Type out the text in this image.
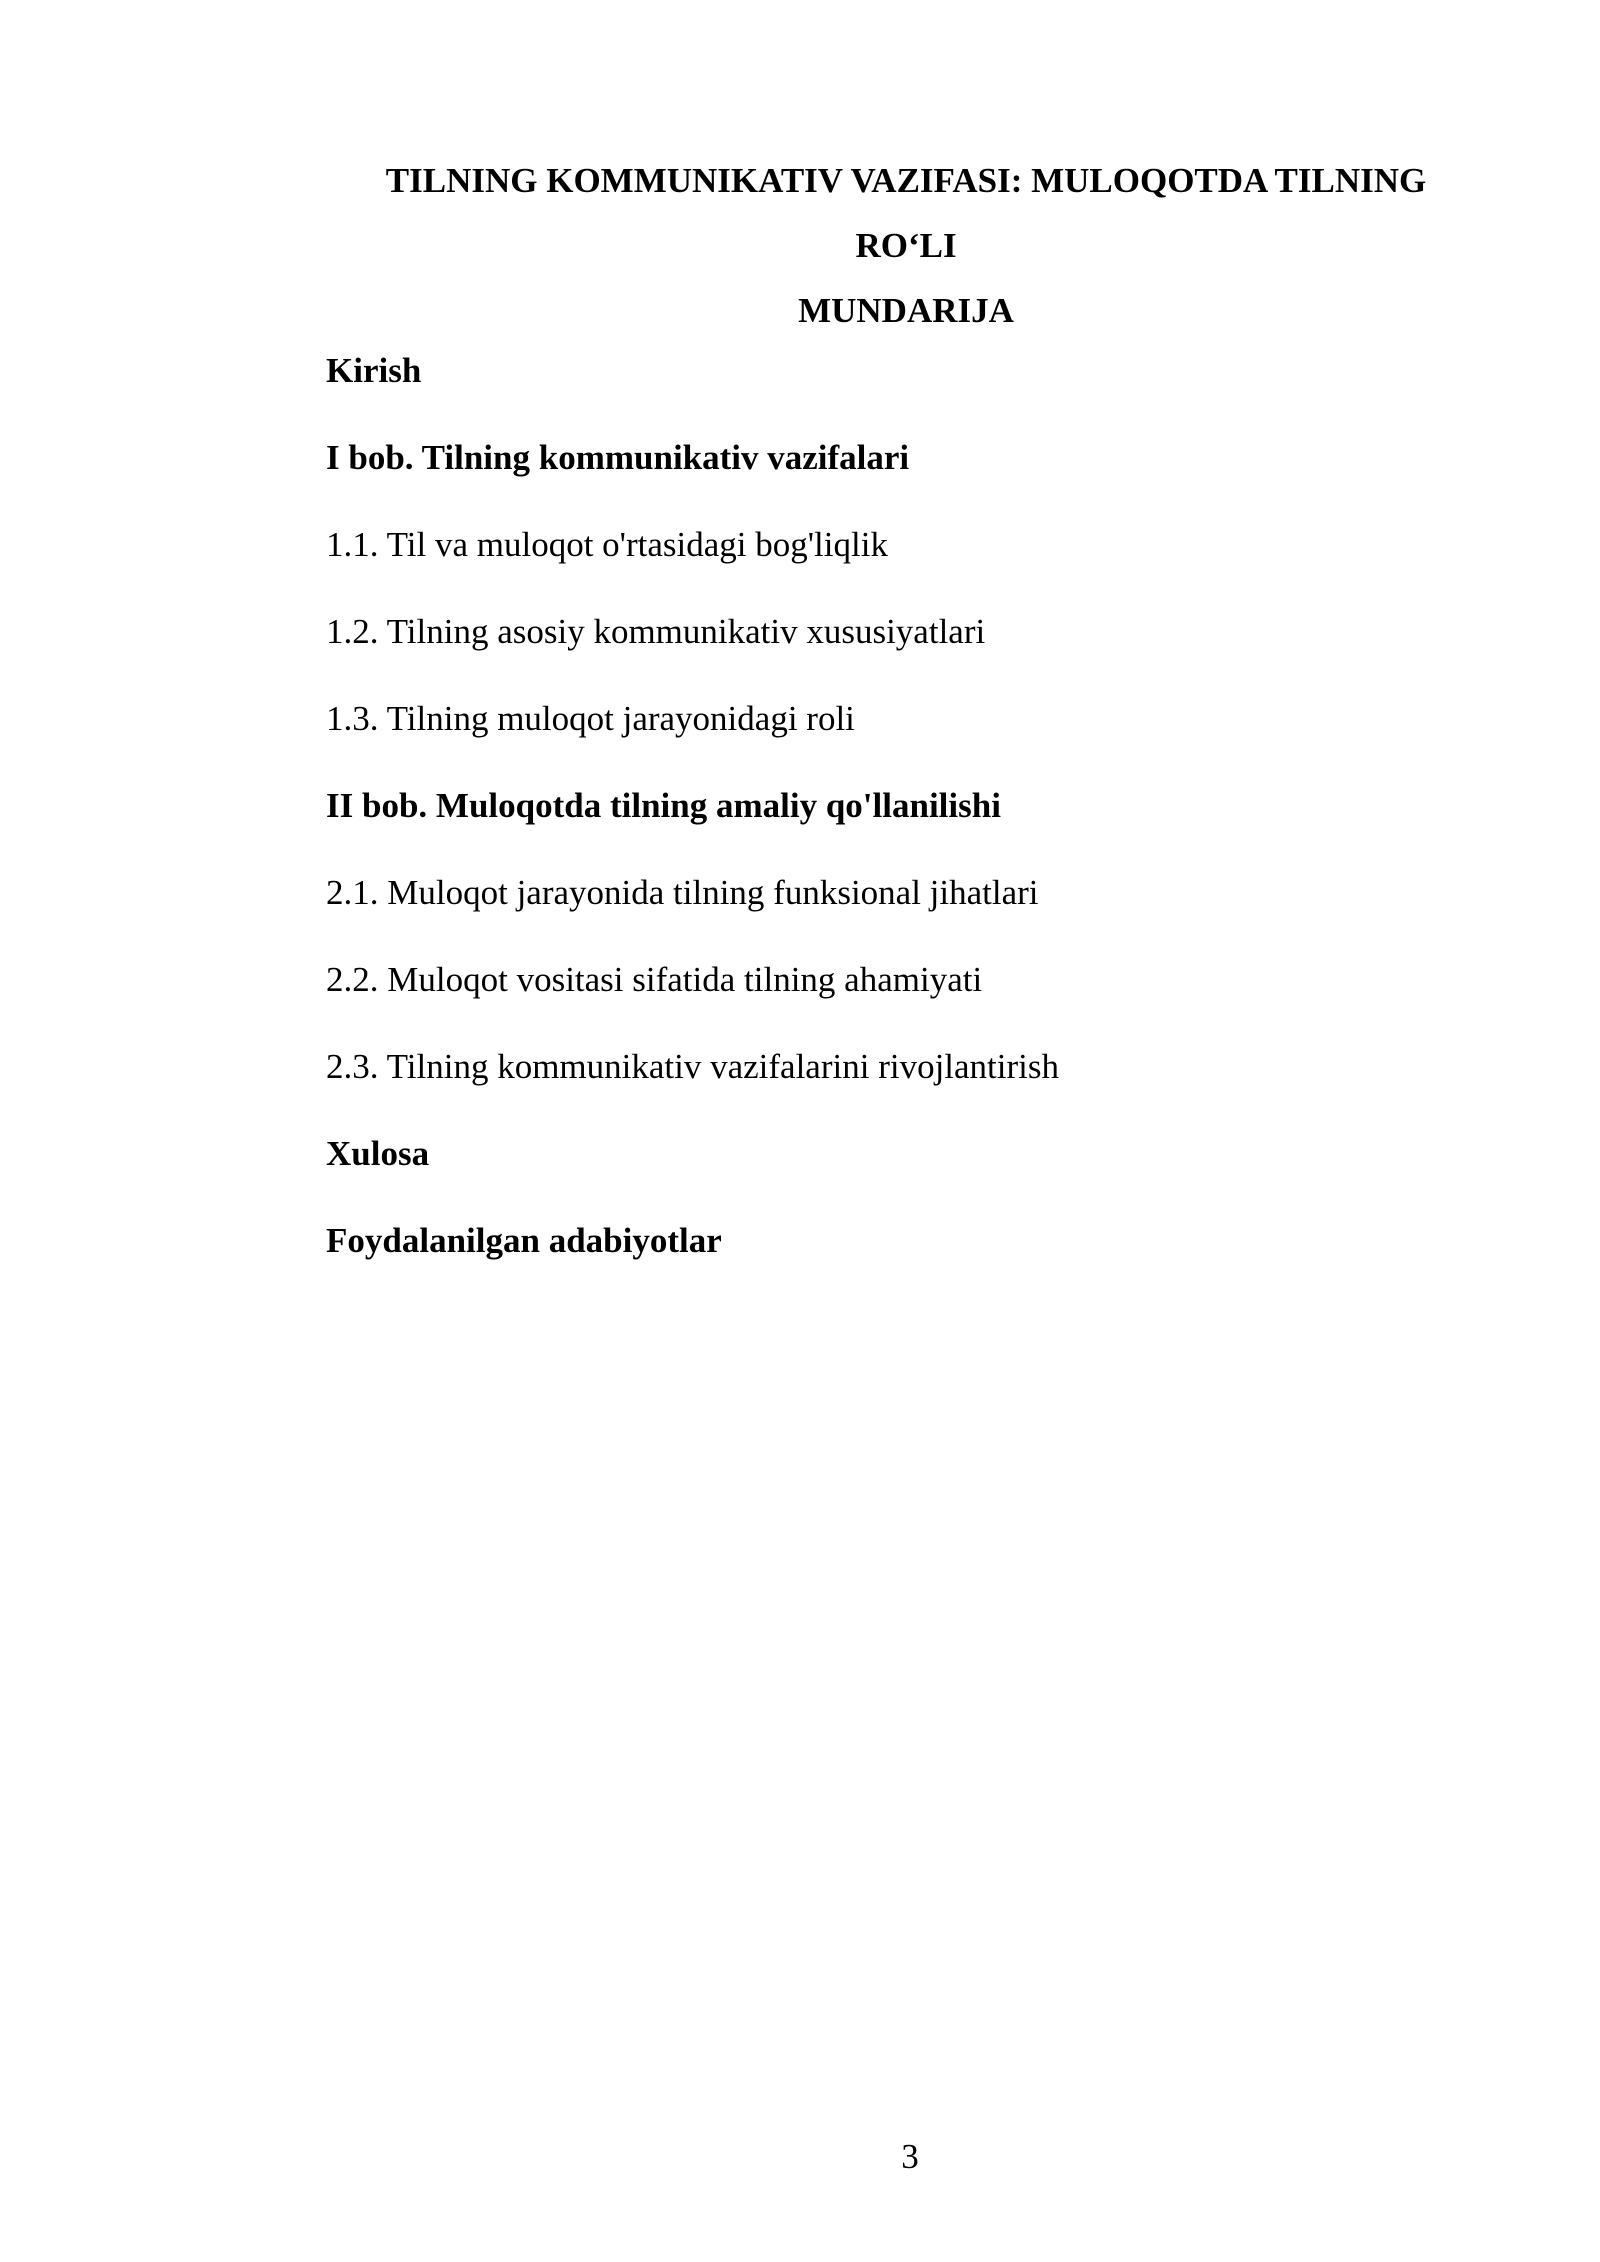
TILNING KOMMUNIKATIV VAZIFASI: MULOQOTDA TILNING
RO‘LI
MUNDARIJA
Kirish
I bob. Tilning kommunikativ vazifalari
1.1. Til va muloqot o'rtasidagi bog'liqlik
1.2. Tilning asosiy kommunikativ xususiyatlari
1.3. Tilning muloqot jarayonidagi roli
II bob. Muloqotda tilning amaliy qo'llanilishi
2.1. Muloqot jarayonida tilning funksional jihatlari
2.2. Muloqot vositasi sifatida tilning ahamiyati
2.3. Tilning kommunikativ vazifalarini rivojlantirish
Xulosa
Foydalanilgan adabiyotlar
3
